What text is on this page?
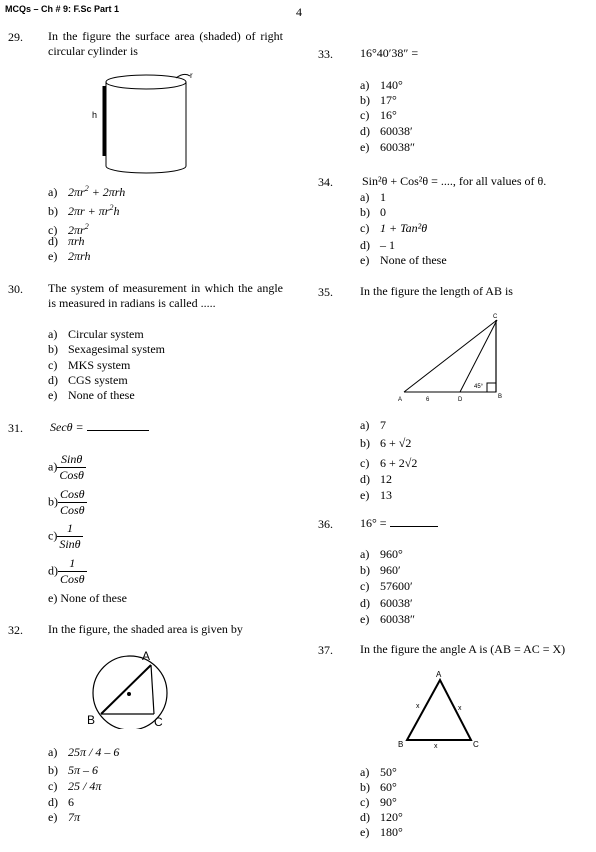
MCQs – Ch # 9: F.Sc Part 1	4
29. In the figure the surface area (shaded) of right circular cylinder is
h
r
a) $2\pi r^2 + 2\pi rh$
b) $2\pi r + \pi r^2h$
c) $2\pi r^2$
d) πrh
e) 2πrh
30. The system of measurement in which the angle is measured in radians is called .....
a) Circular system
b) Sexagesimal system
c) MKS system
d) CGS system
e) None of these
31. Secθ =
a)
Sinθ
Cosθ
b)
Cosθ
Cosθ
c)
1
Sinθ
d)
1
Cosθ
e) None of these
32. In the figure, the shaded area is given by
A
B	C
a) 25π / 4 – 6
b) 5π – 6
c) 25 / 4π
d) 6
e) 7π
33. 16°40′38″ =
a) 140°
b) 17°
c) 16°
d) 60038′
e) 60038″
34. Sin²θ + Cos²θ = ...., for all values of θ.
a) 1
b) 0
c) 1 + Tan²θ
d) – 1
e) None of these
35. In the figure the length of AB is
A	6	D	B
C
45°
a) 7
b) 6 + √2
c) 6 + 2√2
d) 12
e) 13
36. 16° =
a) 960°
b) 960′
c) 57600′
d) 60038′
e) 60038″
37. In the figure the angle A is (AB = AC = X)
A
B	C
x	x
x
a) 50°
b) 60°
c) 90°
d) 120°
e) 180°
